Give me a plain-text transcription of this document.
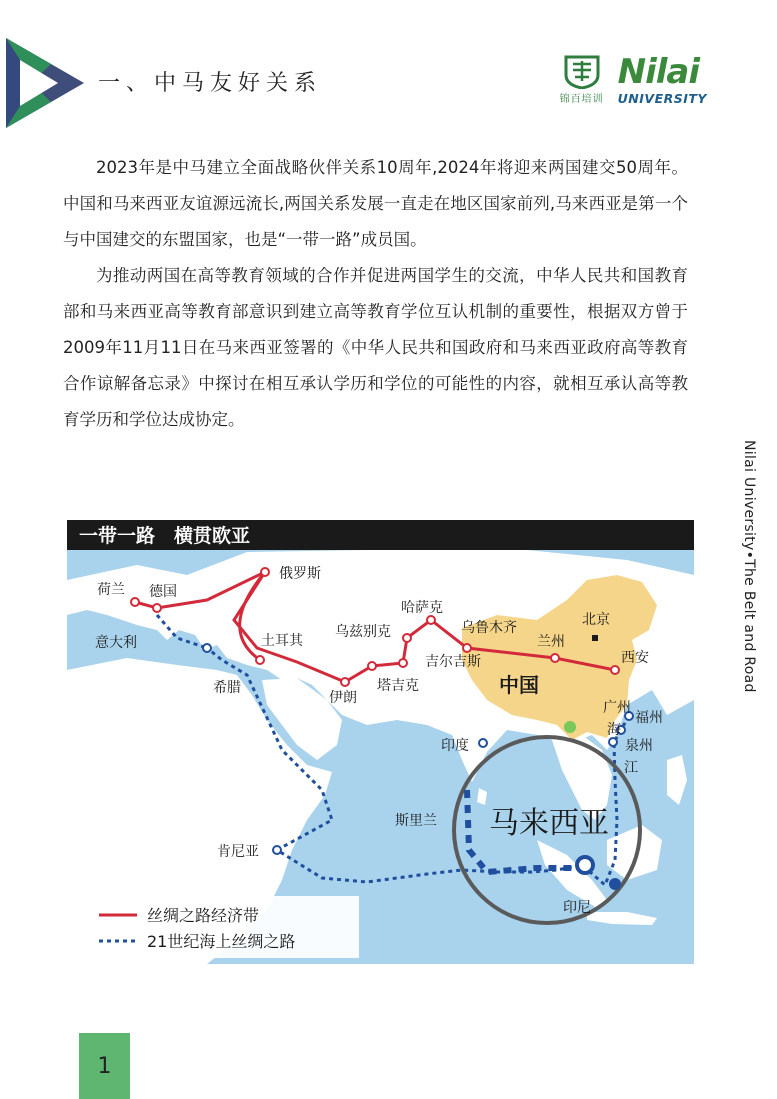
一、中马友好关系
锦百培训
Nilai
UNIVERSITY

2023年是中马建立全面战略伙伴关系10周年,2024年将迎来两国建交50周年。中国和马来西亚友谊源远流长,两国关系发展一直走在地区国家前列,马来西亚是第一个与中国建交的东盟国家，也是“一带一路”成员国。

为推动两国在高等教育领域的合作并促进两国学生的交流，中华人民共和国教育部和马来西亚高等教育部意识到建立高等教育学位互认机制的重要性，根据双方曾于2009年11月11日在马来西亚签署的《中华人民共和国政府和马来西亚政府高等教育合作谅解备忘录》中探讨在相互承认学历和学位的可能性的内容，就相互承认高等教育学历和学位达成协定。

Nilai University•The Belt and Road
一带一路　横贯欧亚
荷兰 德国
俄罗斯
意大利
希腊
土耳其
伊朗
乌兹别克
塔吉克
哈萨克
吉尔吉斯
乌鲁木齐
兰州
北京
西安
广州
福州
泉州
江
海
印度
斯里兰
肯尼亚
印尼
中国
马来西亚
丝绸之路经济带
21世纪海上丝绸之路
1
